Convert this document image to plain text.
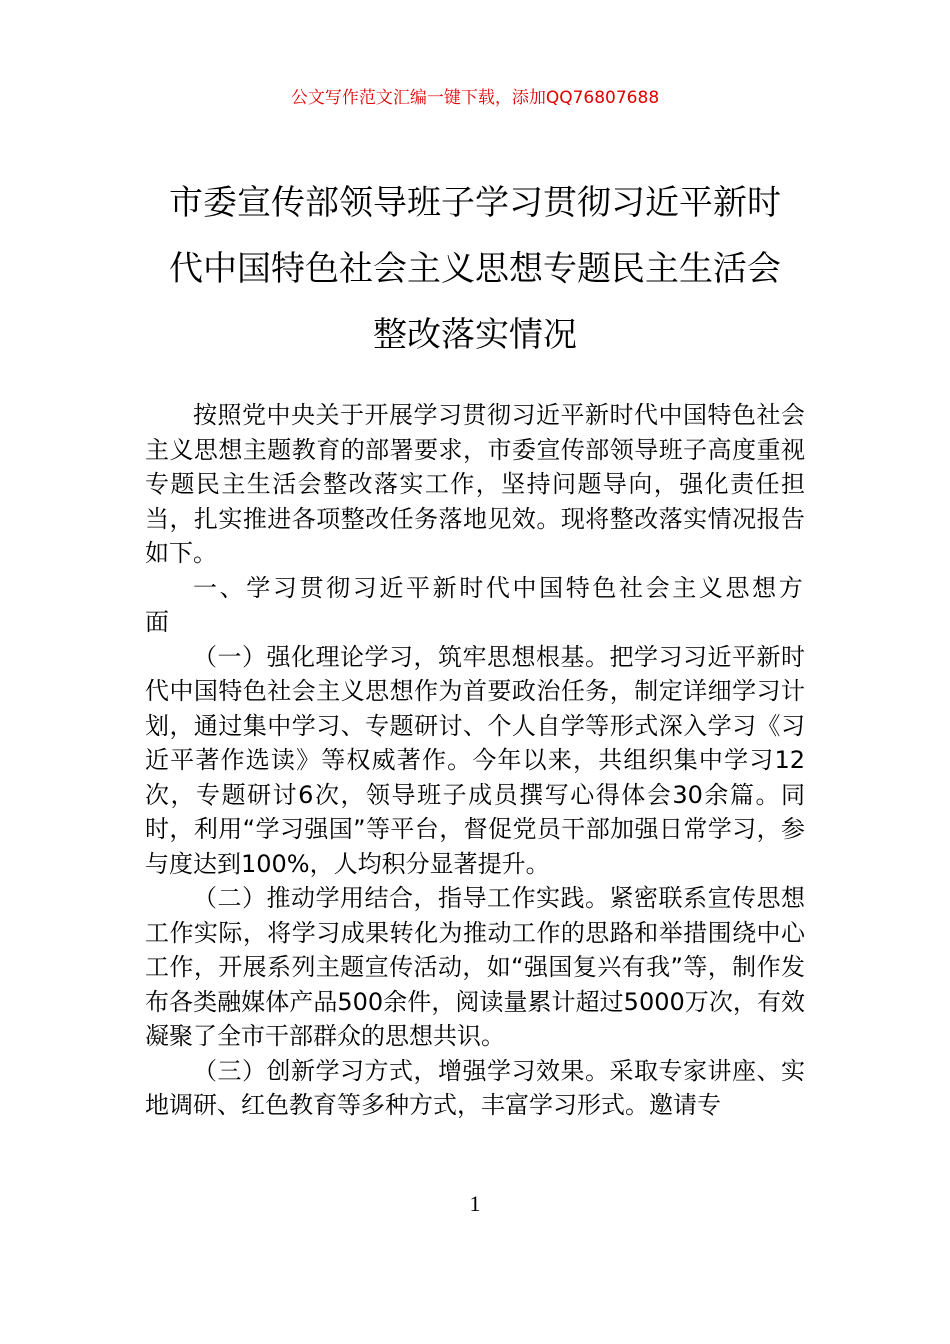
公文写作范文汇编一键下载，添加QQ76807688
市委宣传部领导班子学习贯彻习近平新时
代中国特色社会主义思想专题民主生活会
整改落实情况

按照党中央关于开展学习贯彻习近平新时代中国特色社会主义思想主题教育的部署要求，市委宣传部领导班子高度重视专题民主生活会整改落实工作，坚持问题导向，强化责任担当，扎实推进各项整改任务落地见效。现将整改落实情况报告如下。

一、学习贯彻习近平新时代中国特色社会主义思想方面

（一）强化理论学习，筑牢思想根基。把学习习近平新时代中国特色社会主义思想作为首要政治任务，制定详细学习计划，通过集中学习、专题研讨、个人自学等形式深入学习《习近平著作选读》等权威著作。今年以来，共组织集中学习12次，专题研讨6次，领导班子成员撰写心得体会30余篇。同时，利用“学习强国”等平台，督促党员干部加强日常学习，参与度达到100%，人均积分显著提升。

（二）推动学用结合，指导工作实践。紧密联系宣传思想工作实际，将学习成果转化为推动工作的思路和举措围绕中心工作，开展系列主题宣传活动，如“强国复兴有我”等，制作发布各类融媒体产品500余件，阅读量累计超过5000万次，有效凝聚了全市干部群众的思想共识。

（三）创新学习方式，增强学习效果。采取专家讲座、实地调研、红色教育等多种方式，丰富学习形式。邀请专

1
